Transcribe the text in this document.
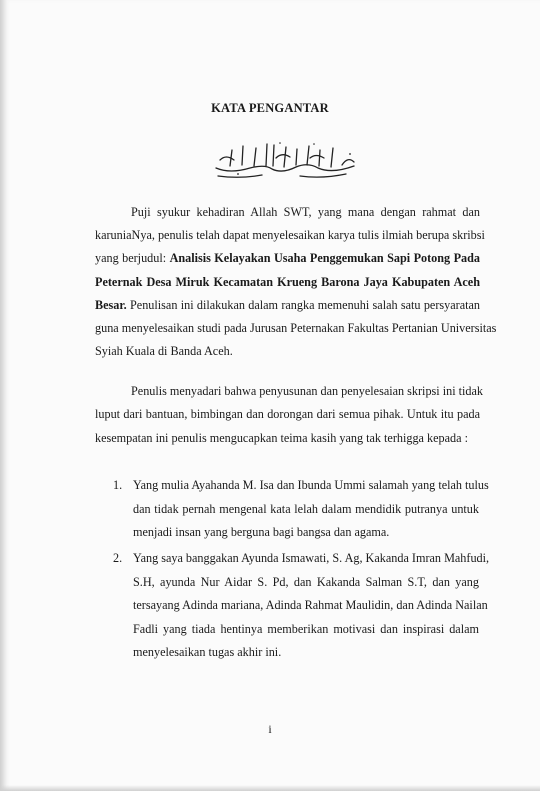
KATA PENGANTAR
Puji syukur kehadiran Allah SWT, yang mana dengan rahmat dan
karuniaNya, penulis telah dapat menyelesaikan karya tulis ilmiah berupa skribsi
yang berjudul: Analisis Kelayakan Usaha Penggemukan Sapi Potong Pada
Peternak Desa Miruk Kecamatan Krueng Barona Jaya Kabupaten Aceh
Besar. Penulisan ini dilakukan dalam rangka memenuhi salah satu persyaratan
guna menyelesaikan studi pada Jurusan Peternakan Fakultas Pertanian Universitas
Syiah Kuala di Banda Aceh.
Penulis menyadari bahwa penyusunan dan penyelesaian skripsi ini tidak
luput dari bantuan, bimbingan dan dorongan dari semua pihak. Untuk itu pada
kesempatan ini penulis mengucapkan teima kasih yang tak terhigga kepada :
1. Yang mulia Ayahanda M. Isa dan Ibunda Ummi salamah yang telah tulus
dan tidak pernah mengenal kata lelah dalam mendidik putranya untuk
menjadi insan yang berguna bagi bangsa dan agama.
2. Yang saya banggakan Ayunda Ismawati, S. Ag, Kakanda Imran Mahfudi,
S.H, ayunda Nur Aidar S. Pd, dan Kakanda Salman S.T, dan yang
tersayang Adinda mariana, Adinda Rahmat Maulidin, dan Adinda Nailan
Fadli yang tiada hentinya memberikan motivasi dan inspirasi dalam
menyelesaikan tugas akhir ini.
i
